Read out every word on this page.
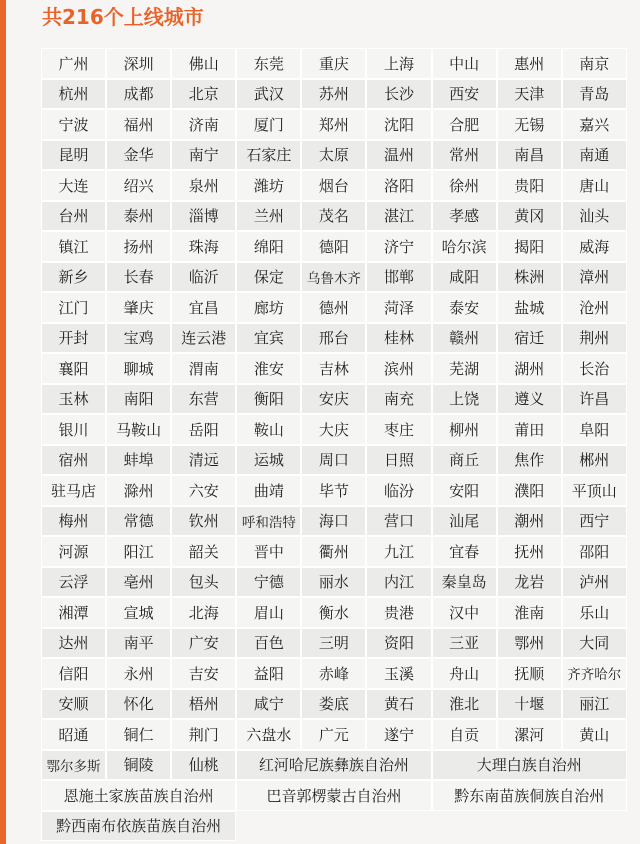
共216个上线城市
广州	深圳	佛山	东莞	重庆	上海	中山	惠州	南京
杭州	成都	北京	武汉	苏州	长沙	西安	天津	青岛
宁波	福州	济南	厦门	郑州	沈阳	合肥	无锡	嘉兴
昆明	金华	南宁	石家庄	太原	温州	常州	南昌	南通
大连	绍兴	泉州	潍坊	烟台	洛阳	徐州	贵阳	唐山
台州	泰州	淄博	兰州	茂名	湛江	孝感	黄冈	汕头
镇江	扬州	珠海	绵阳	德阳	济宁	哈尔滨	揭阳	威海
新乡	长春	临沂	保定	乌鲁木齐	邯郸	咸阳	株洲	漳州
江门	肇庆	宜昌	廊坊	德州	菏泽	泰安	盐城	沧州
开封	宝鸡	连云港	宜宾	邢台	桂林	赣州	宿迁	荆州
襄阳	聊城	渭南	淮安	吉林	滨州	芜湖	湖州	长治
玉林	南阳	东营	衡阳	安庆	南充	上饶	遵义	许昌
银川	马鞍山	岳阳	鞍山	大庆	枣庄	柳州	莆田	阜阳
宿州	蚌埠	清远	运城	周口	日照	商丘	焦作	郴州
驻马店	滁州	六安	曲靖	毕节	临汾	安阳	濮阳	平顶山
梅州	常德	钦州	呼和浩特	海口	营口	汕尾	潮州	西宁
河源	阳江	韶关	晋中	衢州	九江	宜春	抚州	邵阳
云浮	亳州	包头	宁德	丽水	内江	秦皇岛	龙岩	泸州
湘潭	宣城	北海	眉山	衡水	贵港	汉中	淮南	乐山
达州	南平	广安	百色	三明	资阳	三亚	鄂州	大同
信阳	永州	吉安	益阳	赤峰	玉溪	舟山	抚顺	齐齐哈尔
安顺	怀化	梧州	咸宁	娄底	黄石	淮北	十堰	丽江
昭通	铜仁	荆门	六盘水	广元	遂宁	自贡	漯河	黄山
鄂尔多斯	铜陵	仙桃	红河哈尼族彝族自治州	大理白族自治州
恩施土家族苗族自治州	巴音郭楞蒙古自治州	黔东南苗族侗族自治州
黔西南布依族苗族自治州
